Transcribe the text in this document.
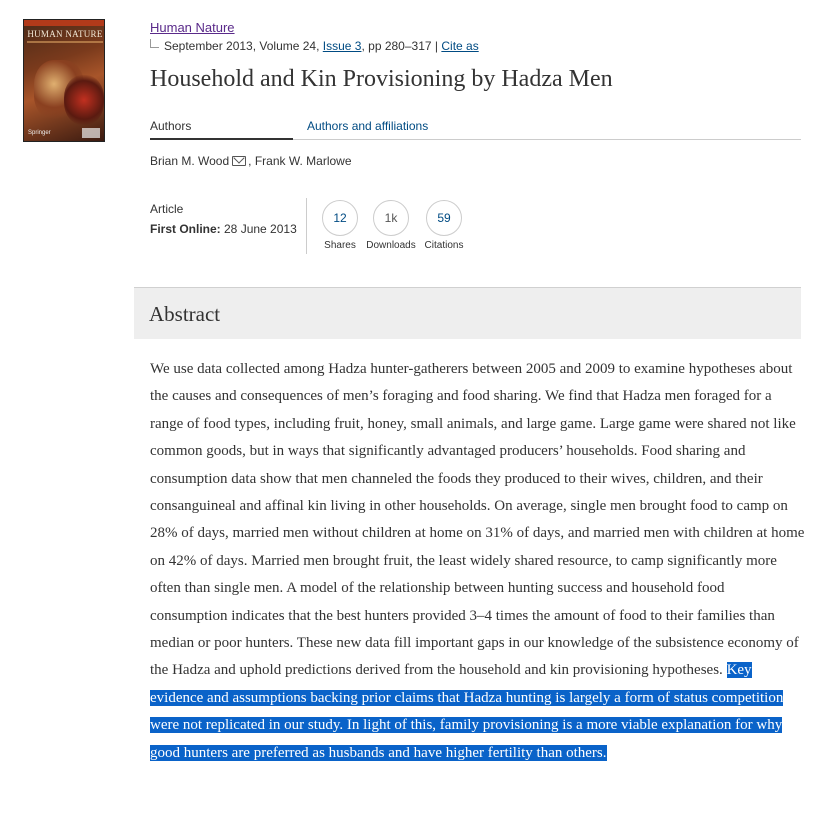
HUMAN NATURE
Springer
Human Nature
September 2013, Volume 24, Issue 3, pp 280–317 | Cite as
Household and Kin Provisioning by Hadza Men
Authors	Authors and affiliations
Brian M. Wood , Frank W. Marlowe
Article
First Online: 28 June 2013
12
Shares
1k
Downloads
59
Citations
Abstract

We use data collected among Hadza hunter-gatherers between 2005 and 2009 to examine hypotheses about the causes and consequences of men’s foraging and food sharing. We find that Hadza men foraged for a range of food types, including fruit, honey, small animals, and large game. Large game were shared not like common goods, but in ways that significantly advantaged producers’ households. Food sharing and consumption data show that men channeled the foods they produced to their wives, children, and their consanguineal and affinal kin living in other households. On average, single men brought food to camp on 28% of days, married men without children at home on 31% of days, and married men with children at home on 42% of days. Married men brought fruit, the least widely shared resource, to camp significantly more often than single men. A model of the relationship between hunting success and household food consumption indicates that the best hunters provided 3–4 times the amount of food to their families than median or poor hunters. These new data fill important gaps in our knowledge of the subsistence economy of the Hadza and uphold predictions derived from the household and kin provisioning hypotheses. Key evidence and assumptions backing prior claims that Hadza hunting is largely a form of status competition were not replicated in our study. In light of this, family provisioning is a more viable explanation for why good hunters are preferred as husbands and have higher fertility than others.
